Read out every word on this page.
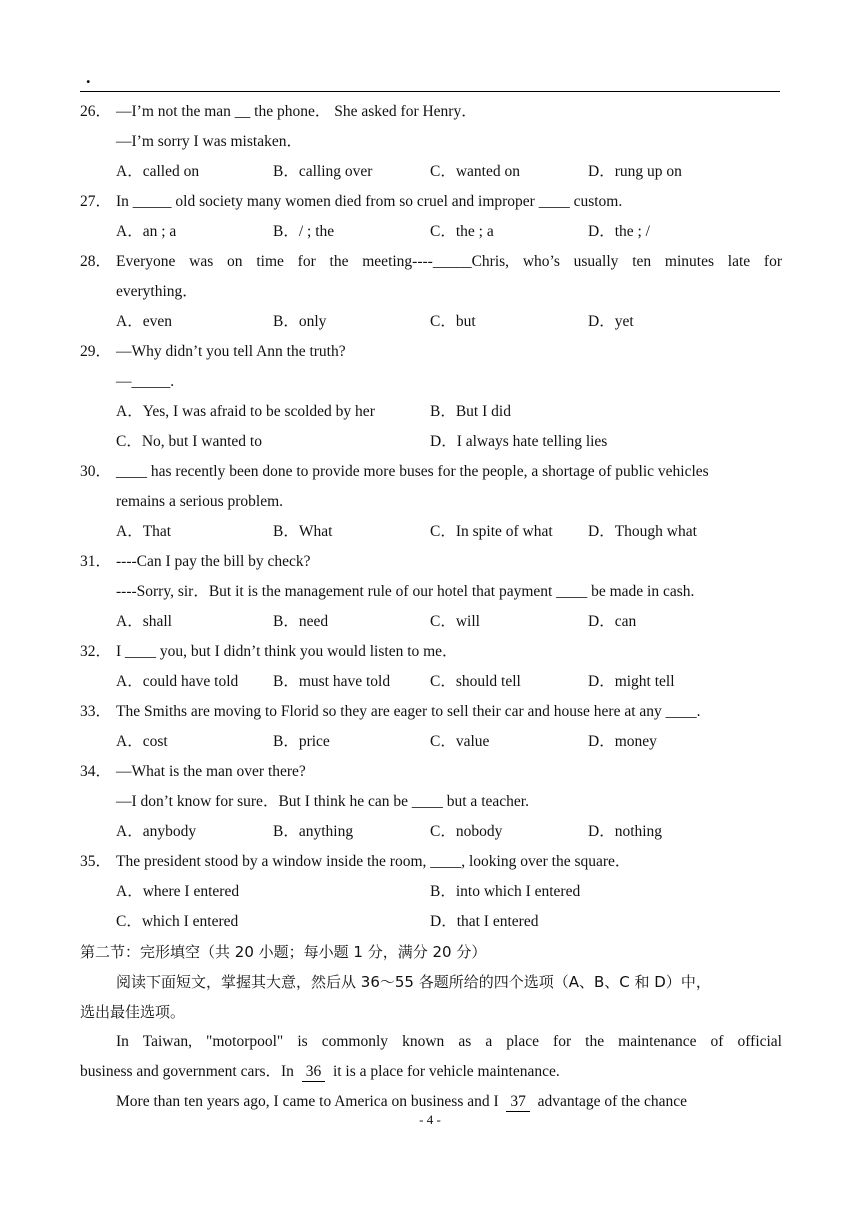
.
26． —I’m not the man __ the phone． She asked for Henry．
—I’m sorry I was mistaken．
A．called on	B．calling over	C．wanted on	D．rung up on
27． In _____ old society many women died from so cruel and improper ____ custom.
A．an ; a	B．/ ; the	C．the ; a	D．the ; /
28． Everyone was on time for the meeting----_____Chris, who’s usually ten minutes late for
everything．
A．even	B．only	C．but	D．yet
29． —Why didn’t you tell Ann the truth?
—_____.
A．Yes, I was afraid to be scolded by her	B．But I did
C．No, but I wanted to	D．I always hate telling lies
30． ____ has recently been done to provide more buses for the people, a shortage of public vehicles
remains a serious problem.
A．That	B．What	C．In spite of what D．Though what
31． ----Can I pay the bill by check?
----Sorry, sir．But it is the management rule of our hotel that payment ____ be made in cash.
A．shall	B．need	C．will	D．can
32． I ____ you, but I didn’t think you would listen to me．
A．could have told B．must have told	C．should tell	D．might tell
33． The Smiths are moving to Florid so they are eager to sell their car and house here at any ____.
A．cost	B．price	C．value	D．money
34． —What is the man over there?
—I don’t know for sure．But I think he can be ____ but a teacher.
A．anybody	B．anything	C．nobody	D．nothing
35． The president stood by a window inside the room, ____, looking over the square．
A．where I entered	B．into which I entered
C．which I entered	D．that I entered
第二节：完形填空（共 20 小题；每小题 1 分，满分 20 分）
阅读下面短文，掌握其大意，然后从 36～55 各题所给的四个选项（A、B、C 和 D）中，
选出最佳选项。
In Taiwan, "motorpool" is commonly known as a place for the maintenance of official
business and government cars．In 36 it is a place for vehicle maintenance.
More than ten years ago, I came to America on business and I 37 advantage of the chance
- 4 -
